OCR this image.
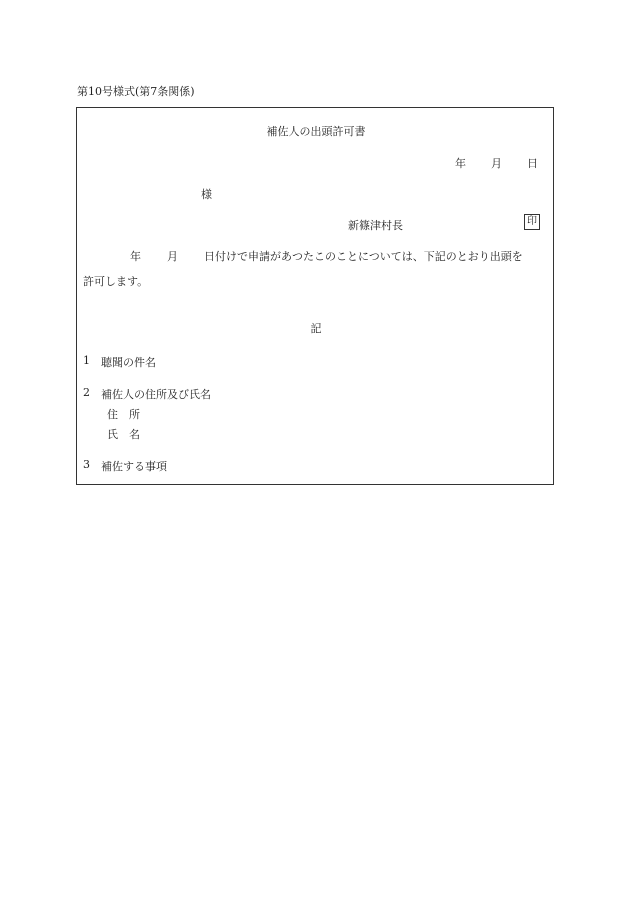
第10号様式(第7条関係)
補佐人の出頭許可書
年 月 日
様
新篠津村長	印
年 月 日付けで申請があつたこのことについては、下記のとおり出頭を
許可します。
記
1 聴聞の件名
2 補佐人の住所及び氏名
住　所
氏　名
3 補佐する事項
